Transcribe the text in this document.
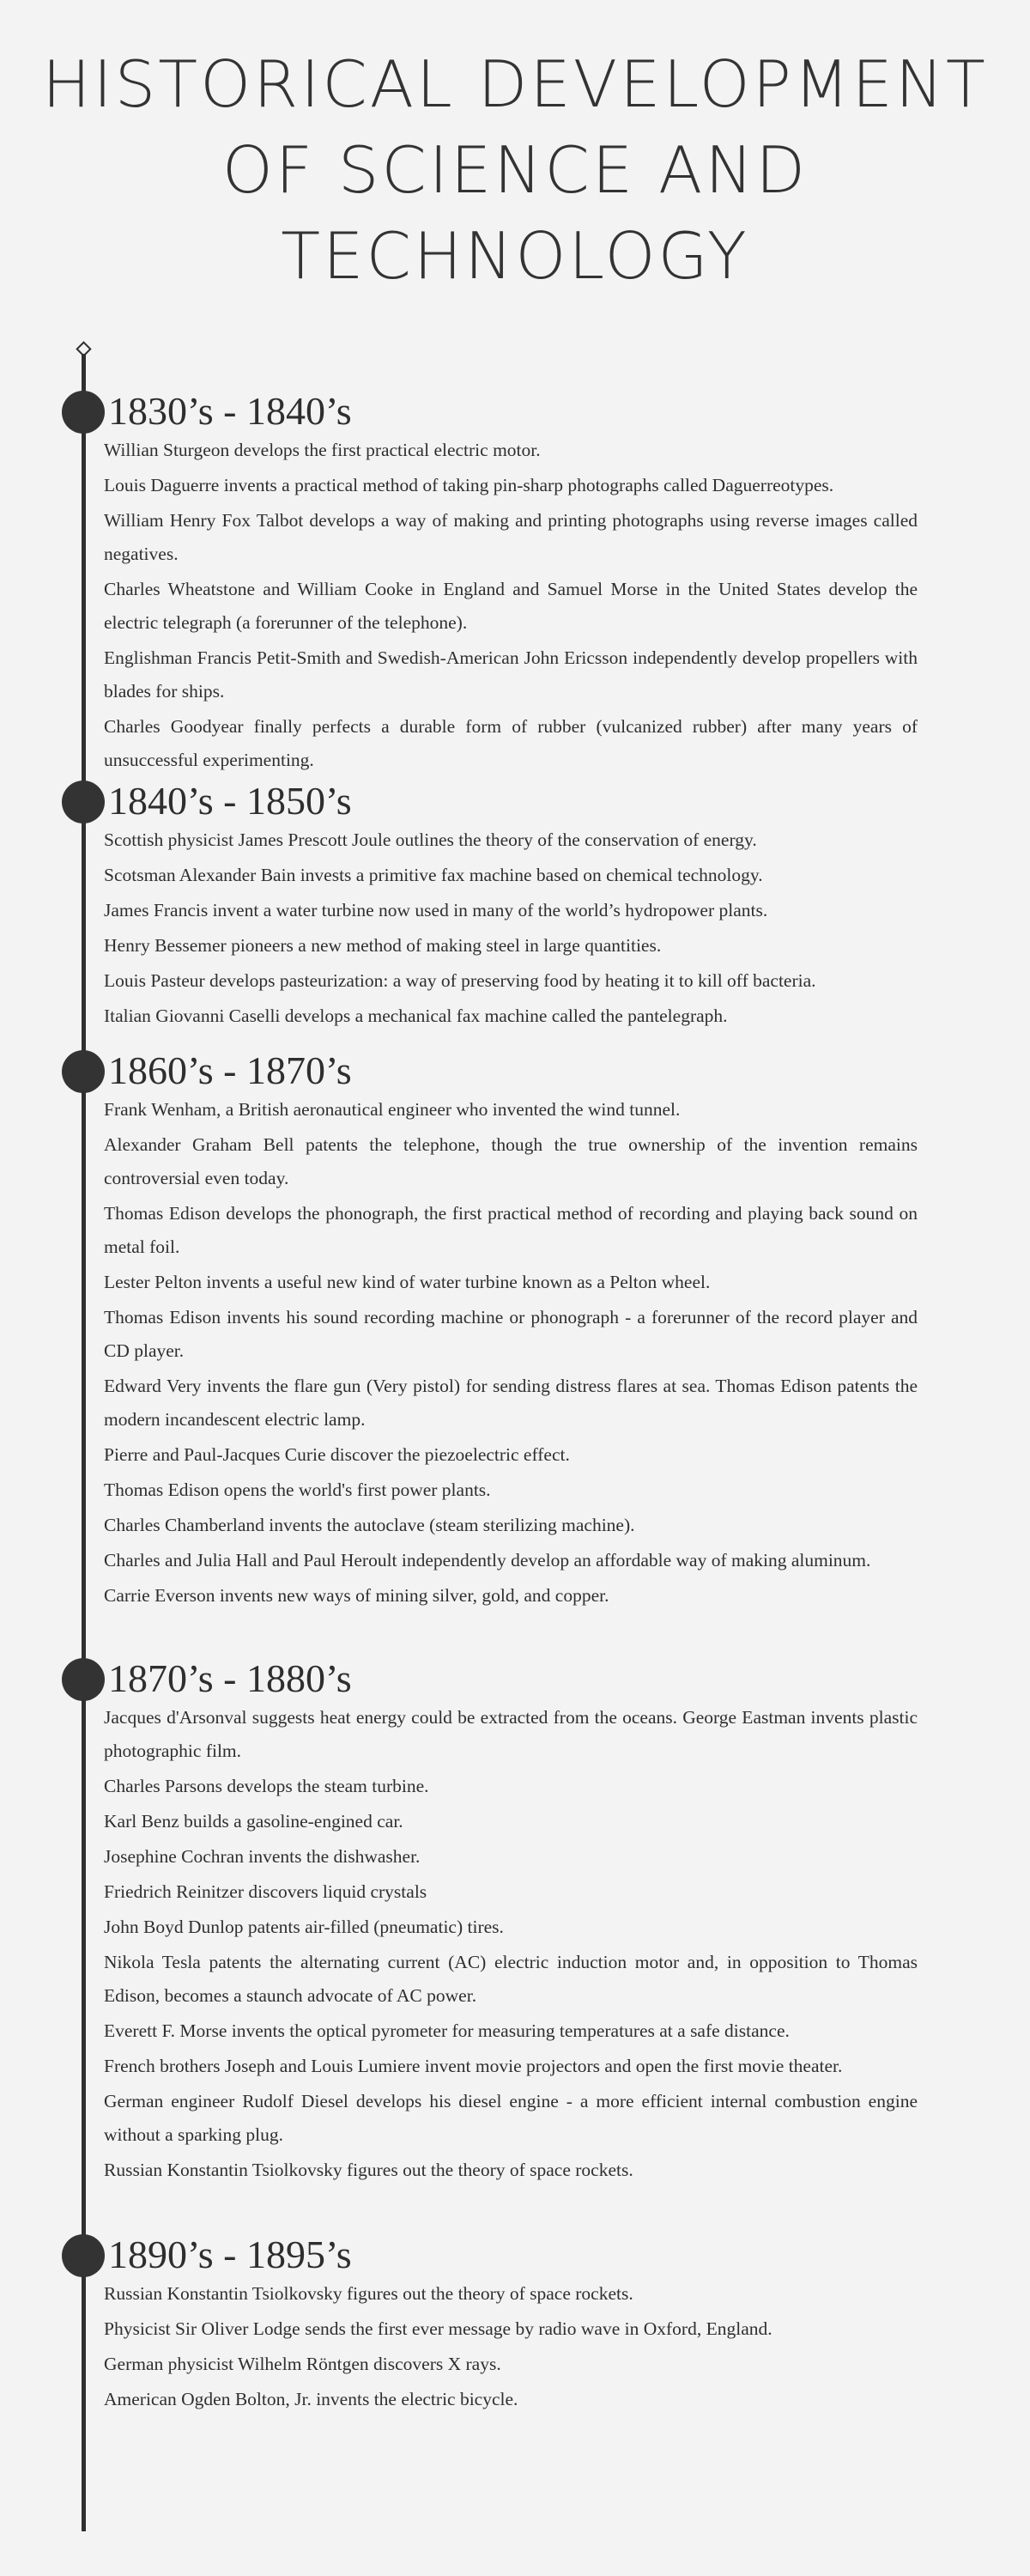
HISTORICAL DEVELOPMENT OF SCIENCE AND TECHNOLOGY
1830’s - 1840’s
Willian Sturgeon develops the first practical electric motor.
Louis Daguerre invents a practical method of taking pin-sharp photographs called Daguerreotypes.
William Henry Fox Talbot develops a way of making and printing photographs using reverse images called negatives.
Charles Wheatstone and William Cooke in England and Samuel Morse in the United States develop the electric telegraph (a forerunner of the telephone).
Englishman Francis Petit-Smith and Swedish-American John Ericsson independently develop propellers with blades for ships.
Charles Goodyear finally perfects a durable form of rubber (vulcanized rubber) after many years of unsuccessful experimenting.
1840’s - 1850’s
Scottish physicist James Prescott Joule outlines the theory of the conservation of energy.
Scotsman Alexander Bain invests a primitive fax machine based on chemical technology.
James Francis invent a water turbine now used in many of the world’s hydropower plants.
Henry Bessemer pioneers a new method of making steel in large quantities.
Louis Pasteur develops pasteurization: a way of preserving food by heating it to kill off bacteria.
Italian Giovanni Caselli develops a mechanical fax machine called the pantelegraph.
1860’s - 1870’s
Frank Wenham, a British aeronautical engineer who invented the wind tunnel.
Alexander Graham Bell patents the telephone, though the true ownership of the invention remains controversial even today.
Thomas Edison develops the phonograph, the first practical method of recording and playing back sound on metal foil.
Lester Pelton invents a useful new kind of water turbine known as a Pelton wheel.
Thomas Edison invents his sound recording machine or phonograph - a forerunner of the record player and CD player.
Edward Very invents the flare gun (Very pistol) for sending distress flares at sea. Thomas Edison patents the modern incandescent electric lamp.
Pierre and Paul-Jacques Curie discover the piezoelectric effect.
Thomas Edison opens the world's first power plants.
Charles Chamberland invents the autoclave (steam sterilizing machine).
Charles and Julia Hall and Paul Heroult independently develop an affordable way of making aluminum.
Carrie Everson invents new ways of mining silver, gold, and copper.
1870’s - 1880’s
Jacques d'Arsonval suggests heat energy could be extracted from the oceans. George Eastman invents plastic photographic film.
Charles Parsons develops the steam turbine.
Karl Benz builds a gasoline-engined car.
Josephine Cochran invents the dishwasher.
Friedrich Reinitzer discovers liquid crystals
John Boyd Dunlop patents air-filled (pneumatic) tires.
Nikola Tesla patents the alternating current (AC) electric induction motor and, in opposition to Thomas Edison, becomes a staunch advocate of AC power.
Everett F. Morse invents the optical pyrometer for measuring temperatures at a safe distance.
French brothers Joseph and Louis Lumiere invent movie projectors and open the first movie theater.
German engineer Rudolf Diesel develops his diesel engine - a more efficient internal combustion engine without a sparking plug.
Russian Konstantin Tsiolkovsky figures out the theory of space rockets.
1890’s - 1895’s
Russian Konstantin Tsiolkovsky figures out the theory of space rockets.
Physicist Sir Oliver Lodge sends the first ever message by radio wave in Oxford, England.
German physicist Wilhelm Röntgen discovers X rays.
American Ogden Bolton, Jr. invents the electric bicycle.
